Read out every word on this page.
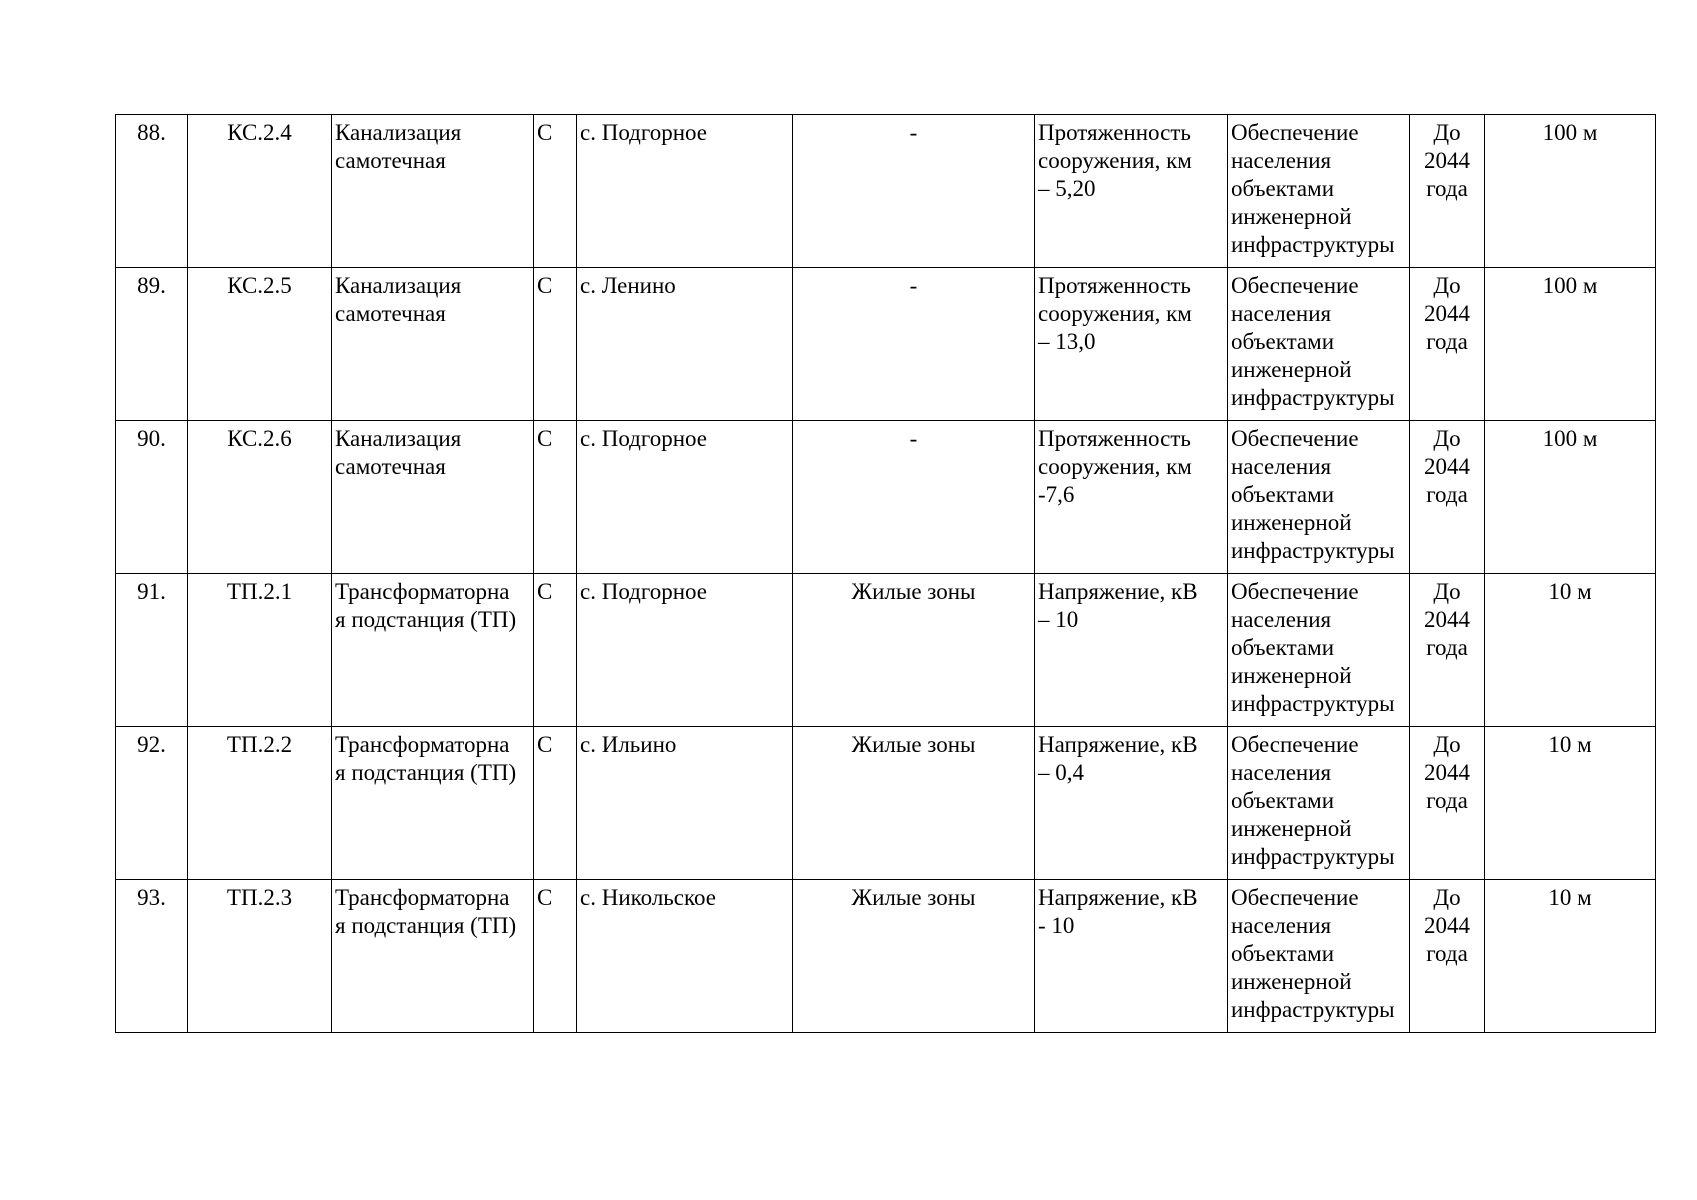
88.	КС.2.4	Канализация
самотечная	С	с. Подгорное	-	Протяженность
сооружения, км
– 5,20	Обеспечение
населения
объектами
инженерной
инфраструктуры	До
2044
года	100 м
89.	КС.2.5	Канализация
самотечная	С	с. Ленино	-	Протяженность
сооружения, км
– 13,0	Обеспечение
населения
объектами
инженерной
инфраструктуры	До
2044
года	100 м
90.	КС.2.6	Канализация
самотечная	С	с. Подгорное	-	Протяженность
сооружения, км
-7,6	Обеспечение
населения
объектами
инженерной
инфраструктуры	До
2044
года	100 м
91.	ТП.2.1	Трансформаторна
я подстанция (ТП)	С	с. Подгорное	Жилые зоны	Напряжение, кВ
– 10	Обеспечение
населения
объектами
инженерной
инфраструктуры	До
2044
года	10 м
92.	ТП.2.2	Трансформаторна
я подстанция (ТП)	С	с. Ильино	Жилые зоны	Напряжение, кВ
– 0,4	Обеспечение
населения
объектами
инженерной
инфраструктуры	До
2044
года	10 м
93.	ТП.2.3	Трансформаторна
я подстанция (ТП)	С	с. Никольское	Жилые зоны	Напряжение, кВ
- 10	Обеспечение
населения
объектами
инженерной
инфраструктуры	До
2044
года	10 м
